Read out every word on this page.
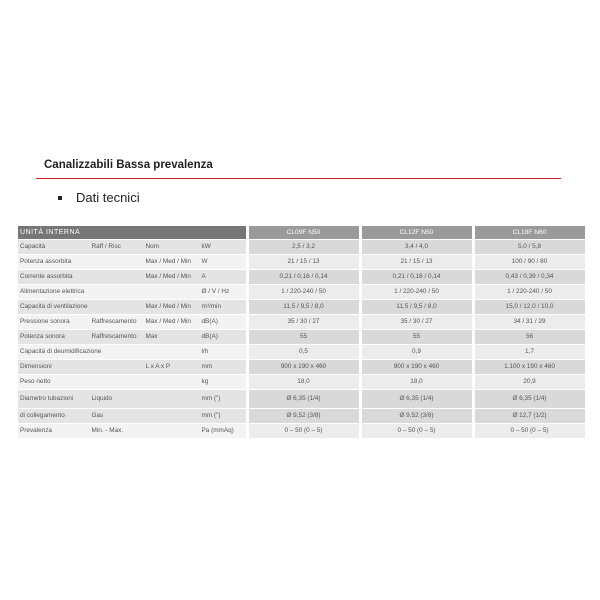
Canalizzabili Bassa prevalenza
Dati tecnici
UNITÀ INTERNA					CL09F N50		CL12F N50		CL18F N60
Capacità	Raff / Risc	Nom	kW		2,5 / 3,2		3,4 / 4,0		5,0 / 5,8
Potenza assorbita		Max / Med / Min	W		21 / 15 / 13		21 / 15 / 13		100 / 90 / 80
Corrente assorbita		Max / Med / Min	A		0,21 / 0,16 / 0,14		0,21 / 0,16 / 0,14		0,43 / 0,39 / 0,34
Alimentazione elettrica			Ø / V / Hz		1 / 220-240 / 50		1 / 220-240 / 50		1 / 220-240 / 50
Capacità di ventilazione		Max / Med / Min	m³/min		11,5 / 9,5 / 8,0		11,5 / 9,5 / 8,0		15,0 / 12,0 / 10,0
Pressione sonora	Raffrescamento	Max / Med / Min	dB(A)		35 / 30 / 27		35 / 30 / 27		34 / 31 / 29
Potenza sonora	Raffrescamento	Max	dB(A)		55		55		56
Capacità di deumidificazione			l/h		0,5		0,9		1,7
Dimensioni		L x A x P	mm		900 x 190 x 460		900 x 190 x 460		1.100 x 190 x 460
Peso netto			kg		18,0		18,0		20,9
Diametro tubazioni	Liquido		mm (")		Ø 6,35 (1/4)		Ø 6,35 (1/4)		Ø 6,35 (1/4)
di collegamento	Gas		mm (")		Ø 9,52 (3/8)		Ø 9,52 (3/8)		Ø 12,7 (1/2)
Prevalenza	Min. - Max.		Pa (mmAq)		0 – 50 (0 – 5)		0 – 50 (0 – 5)		0 – 50 (0 – 5)
